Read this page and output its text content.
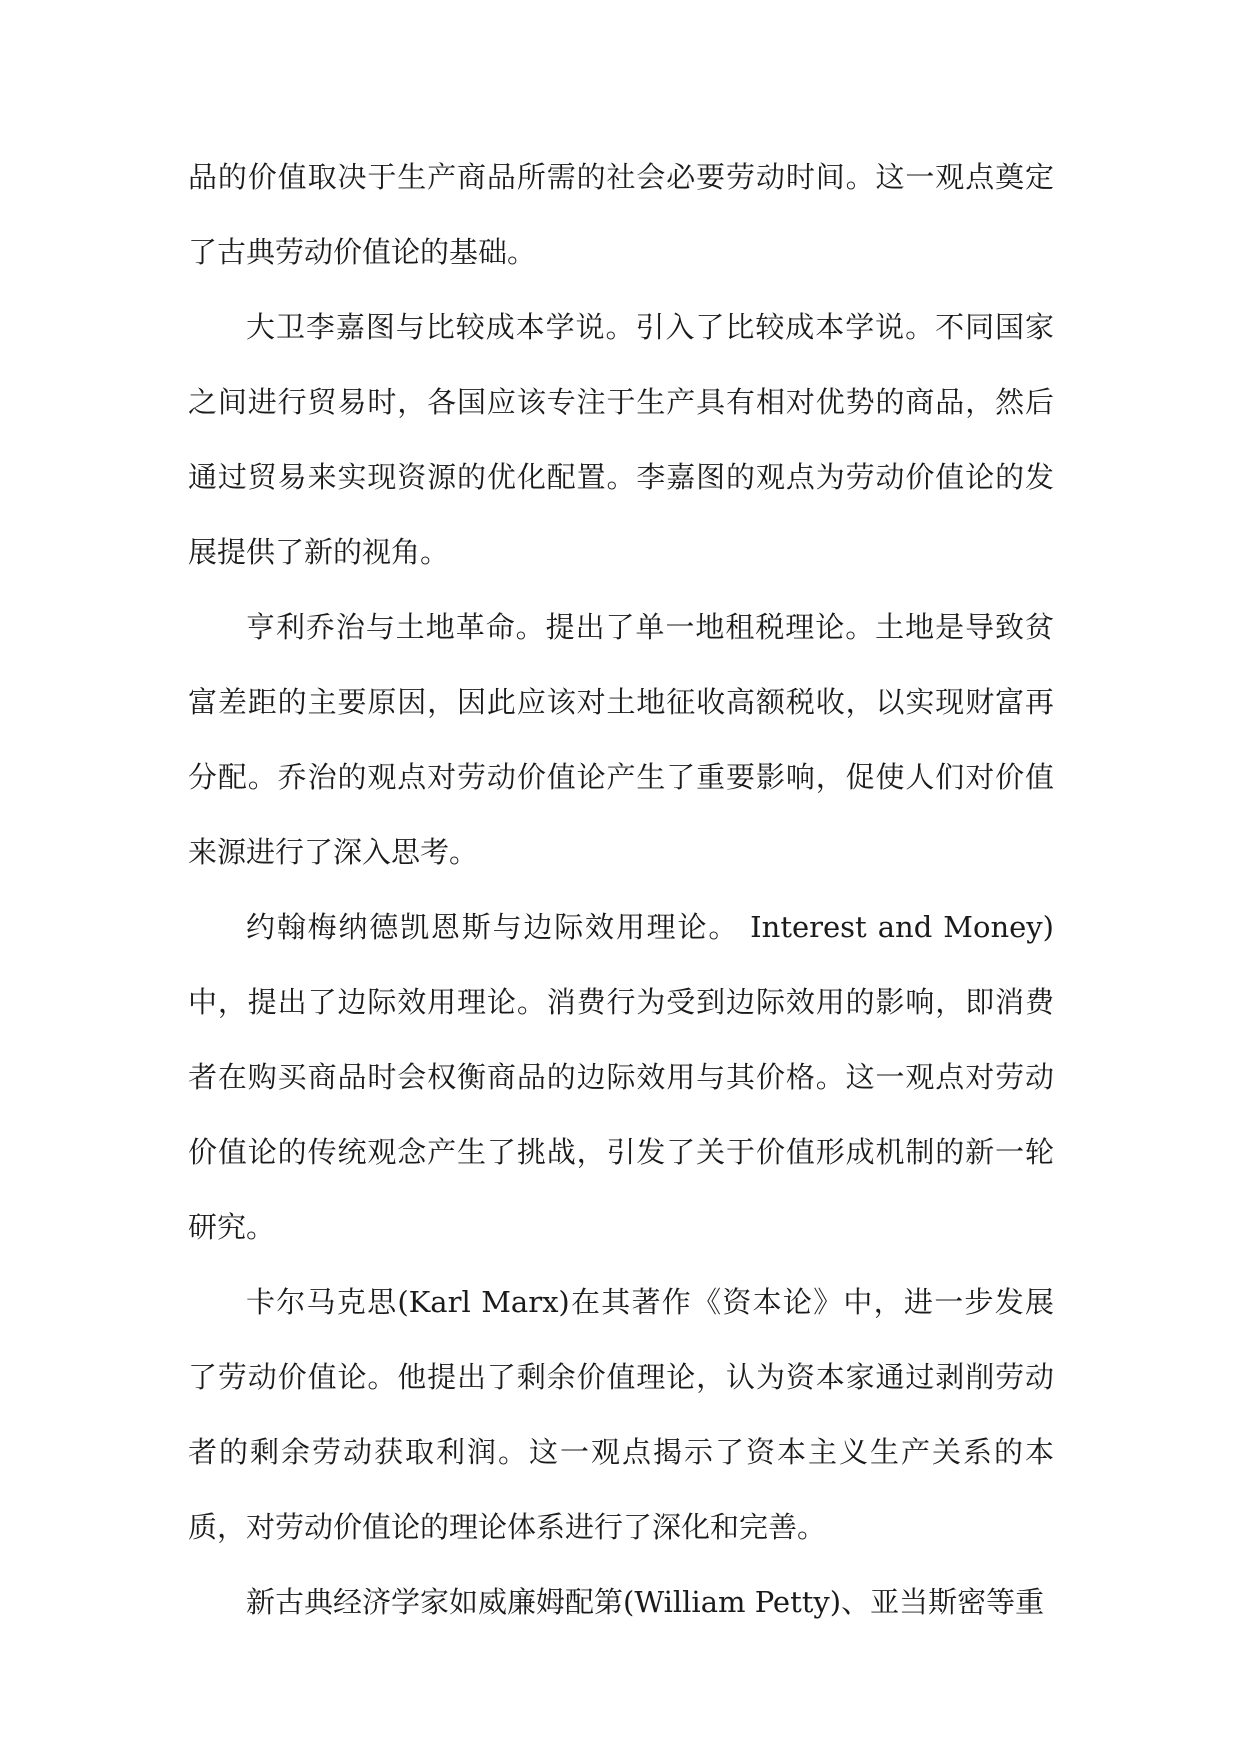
品的价值取决于生产商品所需的社会必要劳动时间。这一观点奠定了古典劳动价值论的基础。

大卫李嘉图与比较成本学说。引入了比较成本学说。不同国家之间进行贸易时，各国应该专注于生产具有相对优势的商品，然后通过贸易来实现资源的优化配置。李嘉图的观点为劳动价值论的发展提供了新的视角。

亨利乔治与土地革命。提出了单一地租税理论。土地是导致贫富差距的主要原因，因此应该对土地征收高额税收，以实现财富再分配。乔治的观点对劳动价值论产生了重要影响，促使人们对价值来源进行了深入思考。

约翰梅纳德凯恩斯与边际效用理论。 Interest and Money)中，提出了边际效用理论。消费行为受到边际效用的影响，即消费者在购买商品时会权衡商品的边际效用与其价格。这一观点对劳动价值论的传统观念产生了挑战，引发了关于价值形成机制的新一轮研究。

卡尔马克思(Karl Marx)在其著作《资本论》中，进一步发展了劳动价值论。他提出了剩余价值理论，认为资本家通过剥削劳动者的剩余劳动获取利润。这一观点揭示了资本主义生产关系的本质，对劳动价值论的理论体系进行了深化和完善。

新古典经济学家如威廉姆配第(William Petty)、亚当斯密等重
